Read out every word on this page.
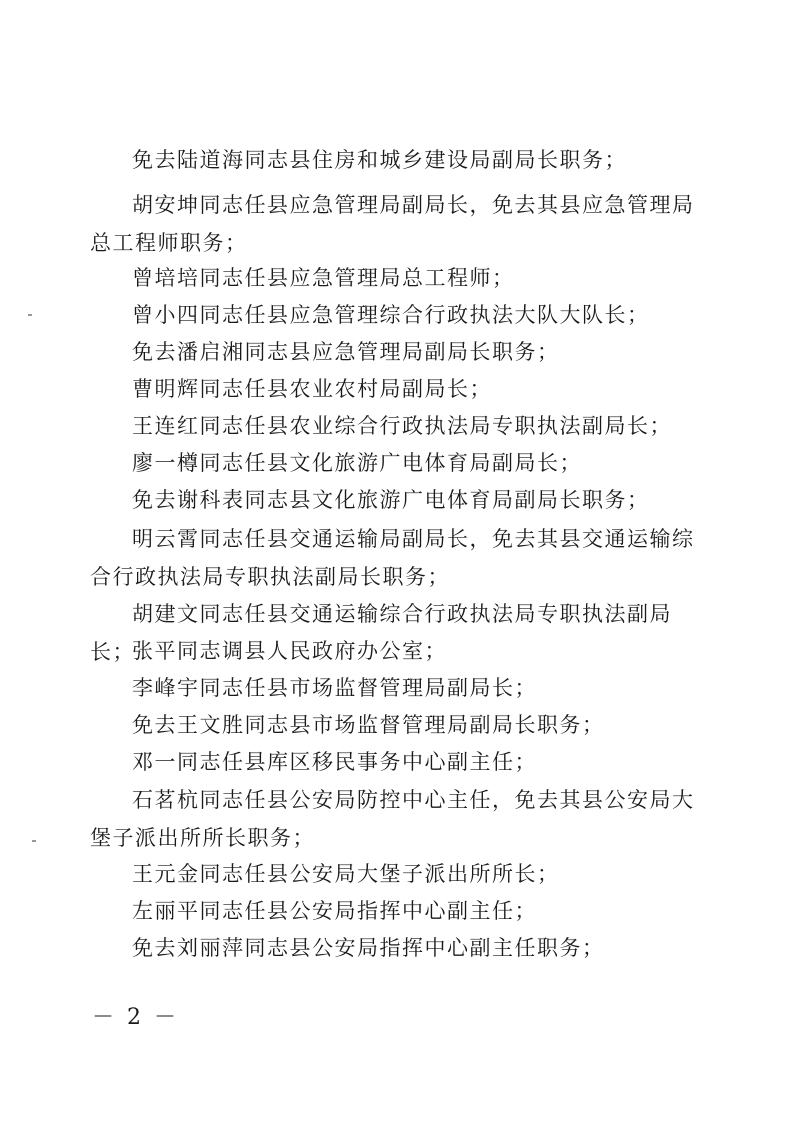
免去陆道海同志县住房和城乡建设局副局长职务；

胡安坤同志任县应急管理局副局长，免去其县应急管理局总工程师职务；

曾培培同志任县应急管理局总工程师；

曾小四同志任县应急管理综合行政执法大队大队长；

免去潘启湘同志县应急管理局副局长职务；

曹明辉同志任县农业农村局副局长；

王连红同志任县农业综合行政执法局专职执法副局长；

廖一樽同志任县文化旅游广电体育局副局长；

免去谢科表同志县文化旅游广电体育局副局长职务；

明云霄同志任县交通运输局副局长，免去其县交通运输综合行政执法局专职执法副局长职务；

胡建文同志任县交通运输综合行政执法局专职执法副局长；

张平同志调县人民政府办公室；

李峰宇同志任县市场监督管理局副局长；

免去王文胜同志县市场监督管理局副局长职务；

邓一同志任县库区移民事务中心副主任；

石茗杭同志任县公安局防控中心主任，免去其县公安局大堡子派出所所长职务；

王元金同志任县公安局大堡子派出所所长；

左丽平同志任县公安局指挥中心副主任；

免去刘丽萍同志县公安局指挥中心副主任职务；

－ 2 －
